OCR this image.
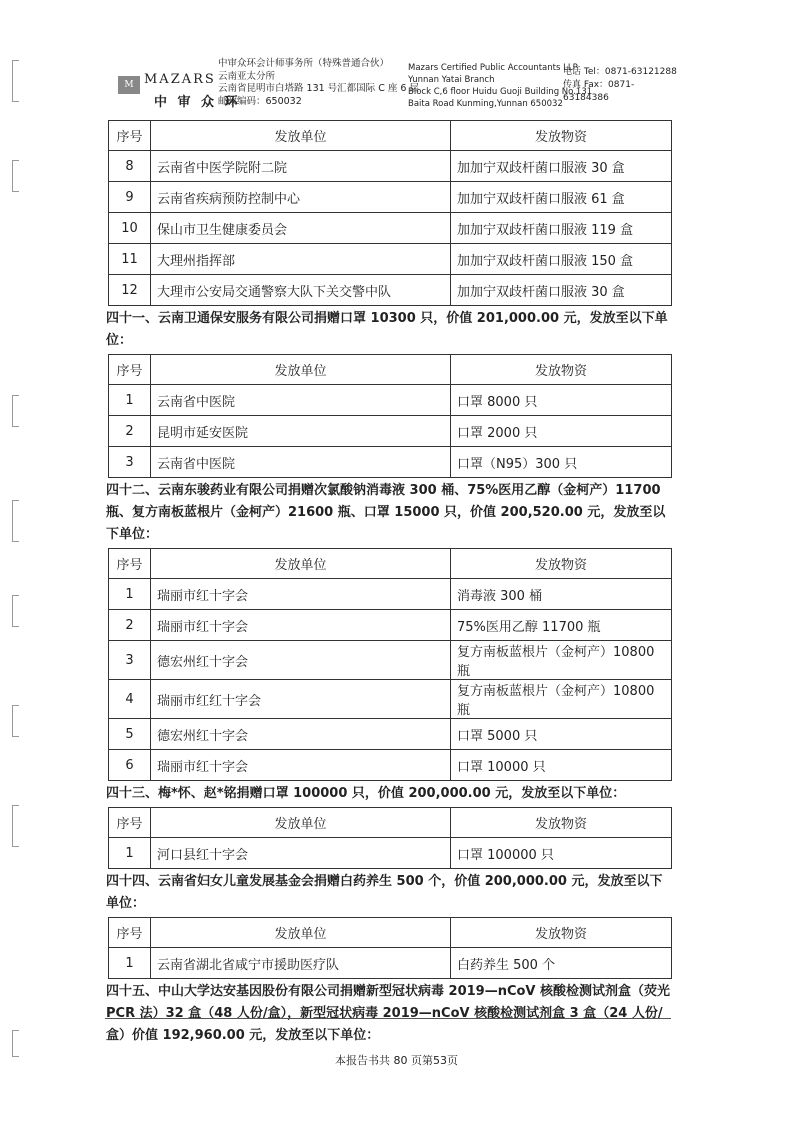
M MAZARS
中 审 众 环
中审众环会计师事务所（特殊普通合伙）
云南亚太分所
云南省昆明市白塔路 131 号汇都国际 C 座 6 层
邮政编码：650032
Mazars Certified Public Accountants LLP
Yunnan Yatai Branch
Block C,6 floor Huidu Guoji Building No.131
Baita Road Kunming,Yunnan 650032
电话 Tel：0871-63121288
传真 Fax：0871-63184386
序号	发放单位	发放物资
8	云南省中医学院附二院	加加宁双歧杆菌口服液 30 盒
9	云南省疾病预防控制中心	加加宁双歧杆菌口服液 61 盒
10	保山市卫生健康委员会	加加宁双歧杆菌口服液 119 盒
11	大理州指挥部	加加宁双歧杆菌口服液 150 盒
12	大理市公安局交通警察大队下关交警中队	加加宁双歧杆菌口服液 30 盒
四十一、云南卫通保安服务有限公司捐赠口罩 10300 只，价值 201,000.00 元，发放至以下单位：
序号	发放单位	发放物资
1	云南省中医院	口罩 8000 只
2	昆明市延安医院	口罩 2000 只
3	云南省中医院	口罩（N95）300 只
四十二、云南东骏药业有限公司捐赠次氯酸钠消毒液 300 桶、75%医用乙醇（金柯产）11700 瓶、复方南板蓝根片（金柯产）21600 瓶、口罩 15000 只，价值 200,520.00 元，发放至以下单位：
序号	发放单位	发放物资
1	瑞丽市红十字会	消毒液 300 桶
2	瑞丽市红十字会	75%医用乙醇 11700 瓶
3	德宏州红十字会	复方南板蓝根片（金柯产）10800 瓶
4	瑞丽市红红十字会	复方南板蓝根片（金柯产）10800 瓶
5	德宏州红十字会	口罩 5000 只
6	瑞丽市红十字会	口罩 10000 只
四十三、梅*怀、赵*铭捐赠口罩 100000 只，价值 200,000.00 元，发放至以下单位：
序号	发放单位	发放物资
1	河口县红十字会	口罩 100000 只
四十四、云南省妇女儿童发展基金会捐赠白药养生 500 个，价值 200,000.00 元，发放至以下单位：
序号	发放单位	发放物资
1	云南省湖北省咸宁市援助医疗队	白药养生 500 个
四十五、中山大学达安基因股份有限公司捐赠新型冠状病毒 2019—nCoV 核酸检测试剂盒（荧光PCR 法）32 盒（48 人份/盒），新型冠状病毒 2019—nCoV 核酸检测试剂盒 3 盒（24 人份/盒）价值 192,960.00 元，发放至以下单位：
本报告书共 80 页第53页
